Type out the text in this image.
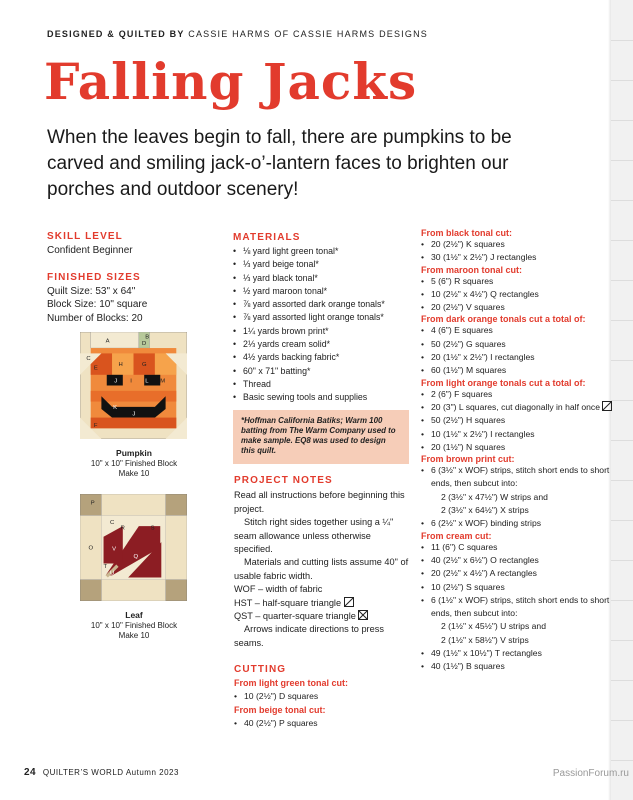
DESIGNED & QUILTED BY CASSIE HARMS OF CASSIE HARMS DESIGNS
Falling Jacks
When the leaves begin to fall, there are pumpkins to be carved and smiling jack-o’-lantern faces to brighten our porches and outdoor scenery!
SKILL LEVEL
Confident Beginner
FINISHED SIZES
Quilt Size: 53" x 64"
Block Size: 10" square
Number of Blocks: 20
Pumpkin
10" x 10" Finished Block
Make 10
Leaf
10" x 10" Finished Block
Make 10
MATERIALS
• ⅛ yard light green tonal*
• ⅓ yard beige tonal*
• ⅓ yard black tonal*
• ½ yard maroon tonal*
• ⅞ yard assorted dark orange tonals*
• ⅞ yard assorted light orange tonals*
• 1¼ yards brown print*
• 2⅓ yards cream solid*
• 4½ yards backing fabric*
• 60" x 71" batting*
• Thread
• Basic sewing tools and supplies

*Hoffman California Batiks; Warm 100 batting from The Warm Company used to make sample. EQ8 was used to design this quilt.

PROJECT NOTES

Read all instructions before beginning this project.

Stitch right sides together using a ¼" seam allowance unless otherwise specified.

Materials and cutting lists assume 40" of usable fabric width.

WOF – width of fabric

HST – half-square triangle

QST – quarter-square triangle

Arrows indicate directions to press seams.

CUTTING
From light green tonal cut:
• 10 (2½") D squares
From beige tonal cut:
• 40 (2½") P squares
From black tonal cut:
• 20 (2½") K squares
• 30 (1½" x 2½") J rectangles
From maroon tonal cut:
• 5 (6") R squares
• 10 (2½" x 4½") Q rectangles
• 20 (2½") V squares
From dark orange tonals cut a total of:
• 4 (6") E squares
• 50 (2½") G squares
• 20 (1½" x 2½") I rectangles
• 60 (1½") M squares
From light orange tonals cut a total of:
• 2 (6") F squares
• 20 (3") L squares, cut diagonally in half once
• 50 (2½") H squares
• 10 (1½" x 2½") I rectangles
• 20 (1½") N squares
From brown print cut:
• 6 (3½" x WOF) strips, stitch short ends to short ends, then subcut into:
2 (3½" x 47½") W strips and
2 (3½" x 64½") X strips
• 6 (2½" x WOF) binding strips
From cream cut:
• 11 (6") C squares
• 40 (2½" x 6½") O rectangles
• 20 (2½" x 4½") A rectangles
• 10 (2½") S squares
• 6 (1½" x WOF) strips, stitch short ends to short ends, then subcut into:
2 (1½" x 45½") U strips and
2 (1½" x 58½") V strips
• 49 (1½" x 10½") T rectangles
• 40 (1½") B squares
24 QUILTER’S WORLD Autumn 2023	PassionForum.ru
